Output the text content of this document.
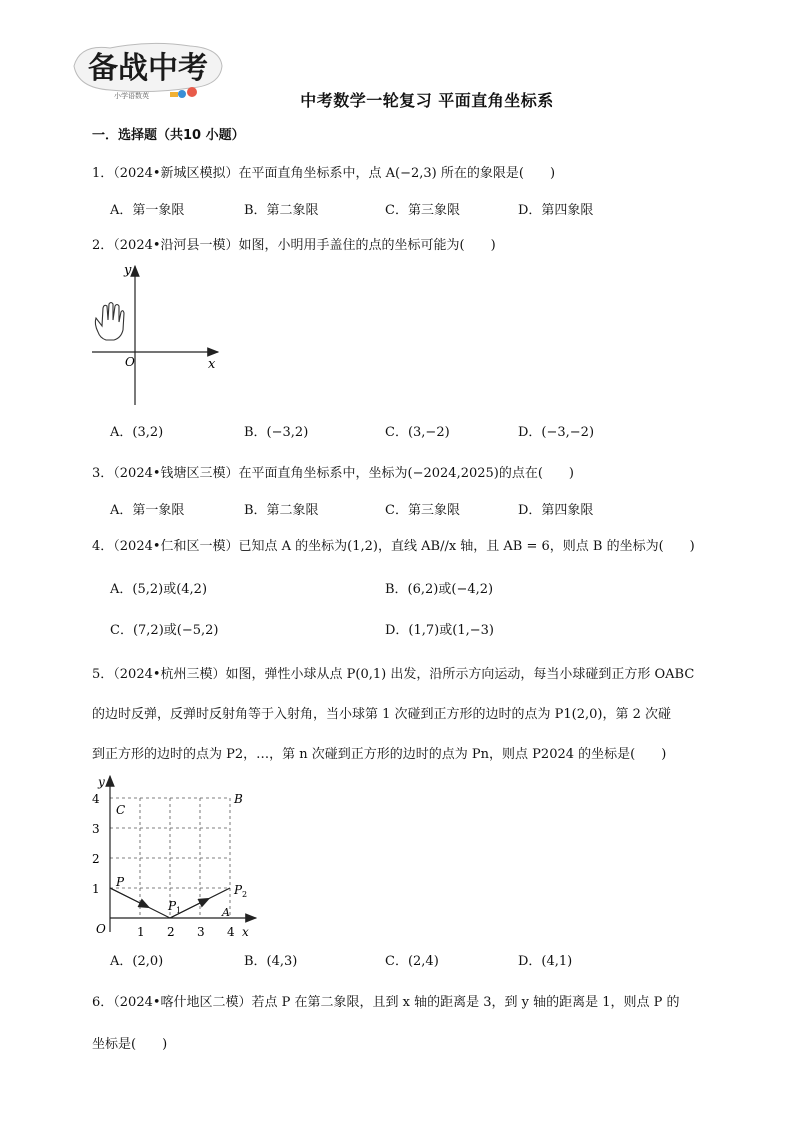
备战中考
小学语数英	中考数学一轮复习 平面直角坐标系
一．选择题（共10 小题）
1．（2024•新城区模拟）在平面直角坐标系中，点 A(−2,3) 所在的象限是(　　)
A．第一象限	B．第二象限	C．第三象限	D．第四象限
2．（2024•沿河县一模）如图，小明用手盖住的点的坐标可能为(　　)
x
y
O
A．(3,2)	B．(−3,2)	C．(3,−2)	D．(−3,−2)
3．（2024•钱塘区三模）在平面直角坐标系中，坐标为(−2024,2025)的点在(　　)
A．第一象限	B．第二象限	C．第三象限	D．第四象限
4．（2024•仁和区一模）已知点 A 的坐标为(1,2)，直线 AB//x 轴，且 AB = 6，则点 B 的坐标为(　　)
A．(5,2)或(4,2)	B．(6,2)或(−4,2)
C．(7,2)或(−5,2)	D．(1,7)或(1,−3)
5．（2024•杭州三模）如图，弹性小球从点 P(0,1) 出发，沿所示方向运动，每当小球碰到正方形 OABC
的边时反弹，反弹时反射角等于入射角，当小球第 1 次碰到正方形的边时的点为 P1(2,0)，第 2 次碰
到正方形的边时的点为 P2，…，第 n 次碰到正方形的边时的点为 Pn，则点 P2024 的坐标是(　　)
y
x
O
4
3
2
1
1 2 3 4
C
B
A
P
P 1
P 2
A．(2,0)	B．(4,3)	C．(2,4)	D．(4,1)
6．（2024•喀什地区二模）若点 P 在第二象限，且到 x 轴的距离是 3，到 y 轴的距离是 1，则点 P 的
坐标是(　　)
